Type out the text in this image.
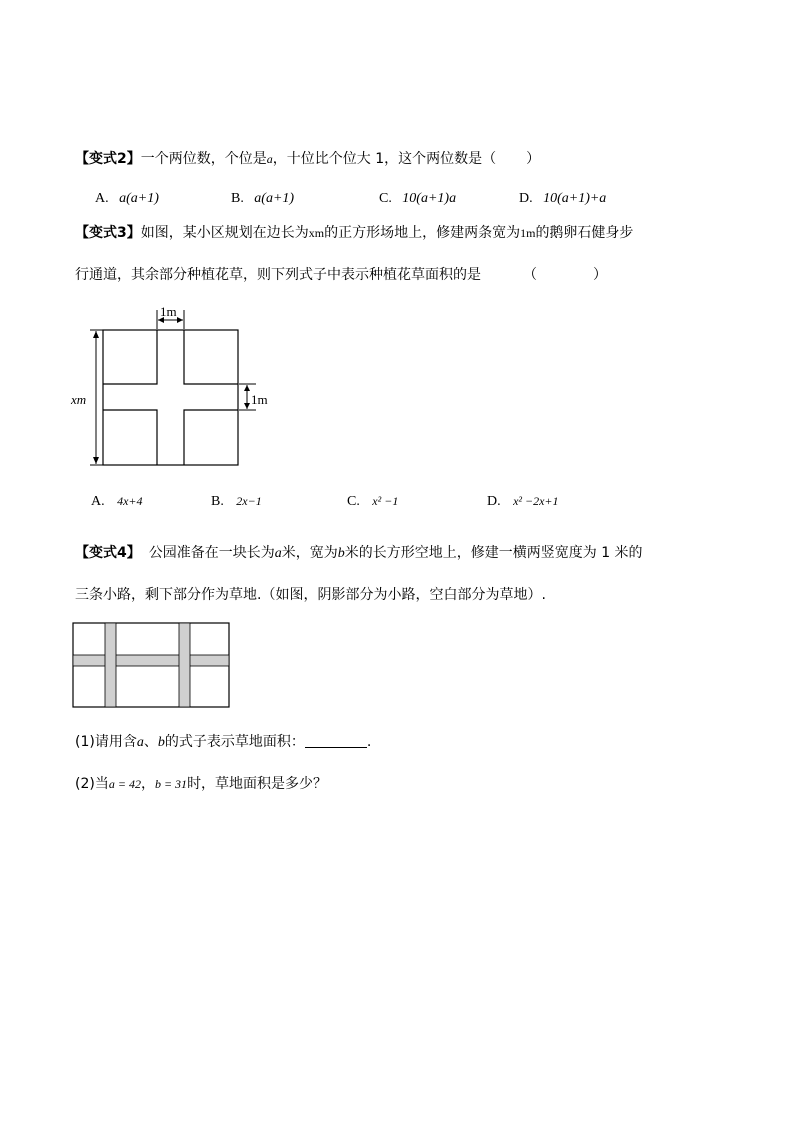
【变式2】一个两位数，个位是a，十位比个位大 1，这个两位数是（ ）
A. a(a+1)	B. a(a+1)	C. 10(a+1)a	D. 10(a+1)+a
【变式3】如图，某小区规划在边长为xm的正方形场地上，修建两条宽为1m的鹅卵石健身步
行通道，其余部分种植花草，则下列式子中表示种植花草面积的是	（	）
1m
1m
xm
A. 4x+4	B. 2x−1	C. x² −1	D. x² −2x+1
【变式4】 公园准备在一块长为a米，宽为b米的长方形空地上，修建一横两竖宽度为 1 米的
三条小路，剩下部分作为草地.（如图，阴影部分为小路，空白部分为草地）.
(1)请用含a、b的式子表示草地面积：	.
(2)当a = 42，b = 31时，草地面积是多少？
